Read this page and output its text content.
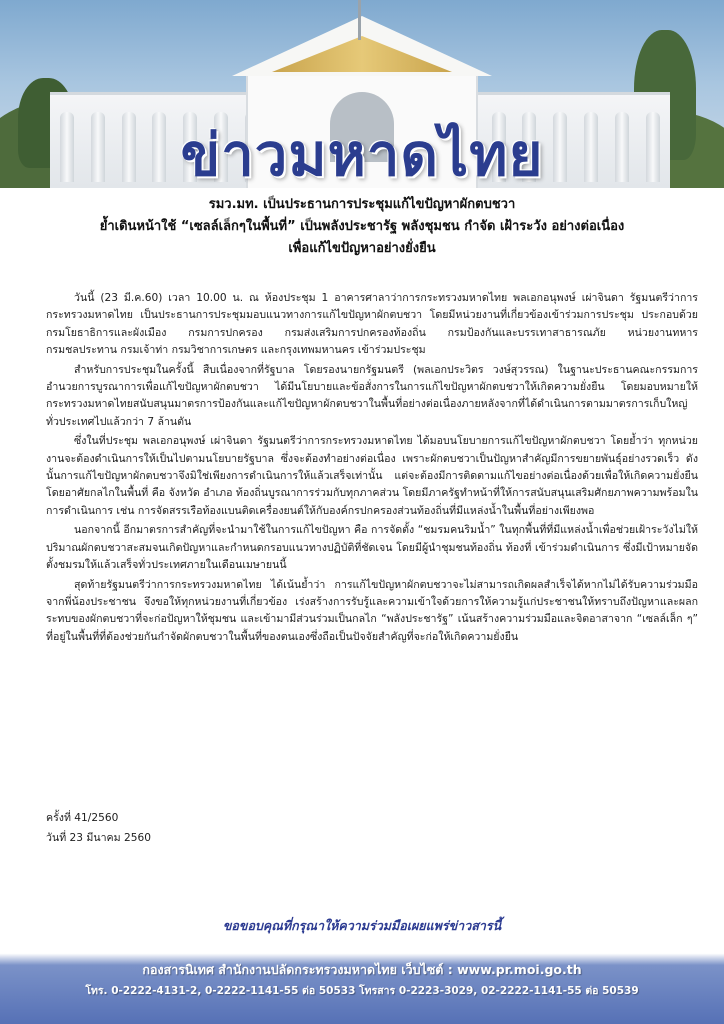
ข่าวมหาดไทย
รมว.มท. เป็นประธานการประชุมแก้ไขปัญหาผักตบชวา
ย้ำเดินหน้าใช้ “เซลล์เล็กๆในพื้นที่” เป็นพลังประชารัฐ พลังชุมชน กำจัด เฝ้าระวัง อย่างต่อเนื่อง
เพื่อแก้ไขปัญหาอย่างยั่งยืน

วันนี้ (23 มี.ค.60) เวลา 10.00 น. ณ ห้องประชุม 1 อาคารศาลาว่าการกระทรวงมหาดไทย พลเอกอนุพงษ์ เผ่าจินดา รัฐมนตรีว่าการกระทรวงมหาดไทย เป็นประธานการประชุมมอบแนวทางการแก้ไขปัญหาผักตบชวา โดยมีหน่วยงานที่เกี่ยวข้องเข้าร่วมการประชุม ประกอบด้วย กรมโยธาธิการและผังเมือง กรมการปกครอง กรมส่งเสริมการปกครองท้องถิ่น กรมป้องกันและบรรเทาสาธารณภัย หน่วยงานทหาร กรมชลประทาน กรมเจ้าท่า กรมวิชาการเกษตร และกรุงเทพมหานคร เข้าร่วมประชุม

สำหรับการประชุมในครั้งนี้ สืบเนื่องจากที่รัฐบาล โดยรองนายกรัฐมนตรี (พลเอกประวิตร วงษ์สุวรรณ) ในฐานะประธานคณะกรรมการอำนวยการบูรณาการเพื่อแก้ไขปัญหาผักตบชวา ได้มีนโยบายและข้อสั่งการในการแก้ไขปัญหาผักตบชวาให้เกิดความยั่งยืน โดยมอบหมายให้กระทรวงมหาดไทยสนับสนุนมาตรการป้องกันและแก้ไขปัญหาผักตบชวาในพื้นที่อย่างต่อเนื่องภายหลังจากที่ได้ดำเนินการตามมาตรการเก็บใหญ่ทั่วประเทศไปแล้วกว่า 7 ล้านตัน

ซึ่งในที่ประชุม พลเอกอนุพงษ์ เผ่าจินดา รัฐมนตรีว่าการกระทรวงมหาดไทย ได้มอบนโยบายการแก้ไขปัญหาผักตบชวา โดยย้ำว่า ทุกหน่วยงานจะต้องดำเนินการให้เป็นไปตามนโยบายรัฐบาล ซึ่งจะต้องทำอย่างต่อเนื่อง เพราะผักตบชวาเป็นปัญหาสำคัญมีการขยายพันธุ์อย่างรวดเร็ว ดังนั้นการแก้ไขปัญหาผักตบชวาจึงมิใช่เพียงการดำเนินการให้แล้วเสร็จเท่านั้น แต่จะต้องมีการติดตามแก้ไขอย่างต่อเนื่องด้วยเพื่อให้เกิดความยั่งยืน โดยอาศัยกลไกในพื้นที่ คือ จังหวัด อำเภอ ท้องถิ่นบูรณาการร่วมกับทุกภาคส่วน โดยมีภาครัฐทำหน้าที่ให้การสนับสนุนเสริมศักยภาพความพร้อมในการดำเนินการ เช่น การจัดสรรเรือท้องแบนติดเครื่องยนต์ให้กับองค์กรปกครองส่วนท้องถิ่นที่มีแหล่งน้ำในพื้นที่อย่างเพียงพอ

นอกจากนี้ อีกมาตรการสำคัญที่จะนำมาใช้ในการแก้ไขปัญหา คือ การจัดตั้ง “ชมรมคนริมน้ำ” ในทุกพื้นที่ที่มีแหล่งน้ำเพื่อช่วยเฝ้าระวังไม่ให้ปริมาณผักตบชวาสะสมจนเกิดปัญหาและกำหนดกรอบแนวทางปฏิบัติที่ชัดเจน โดยมีผู้นำชุมชนท้องถิ่น ท้องที่ เข้าร่วมดำเนินการ ซึ่งมีเป้าหมายจัดตั้งชมรมให้แล้วเสร็จทั่วประเทศภายในเดือนเมษายนนี้

สุดท้ายรัฐมนตรีว่าการกระทรวงมหาดไทย ได้เน้นย้ำว่า การแก้ไขปัญหาผักตบชวาจะไม่สามารถเกิดผลสำเร็จได้หากไม่ได้รับความร่วมมือจากพี่น้องประชาชน จึงขอให้ทุกหน่วยงานที่เกี่ยวข้อง เร่งสร้างการรับรู้และความเข้าใจด้วยการให้ความรู้แก่ประชาชนให้ทราบถึงปัญหาและผลกระทบของผักตบชวาที่จะก่อปัญหาให้ชุมชน และเข้ามามีส่วนร่วมเป็นกลไก “พลังประชารัฐ” เน้นสร้างความร่วมมือและจิตอาสาจาก “เซลล์เล็ก ๆ” ที่อยู่ในพื้นที่ที่ต้องช่วยกันกำจัดผักตบชวาในพื้นที่ของตนเองซึ่งถือเป็นปัจจัยสำคัญที่จะก่อให้เกิดความยั่งยืน

ครั้งที่ 41/2560
วันที่ 23 มีนาคม 2560
ขอขอบคุณที่กรุณาให้ความร่วมมือเผยแพร่ข่าวสารนี้
กองสารนิเทศ สำนักงานปลัดกระทรวงมหาดไทย เว็บไซต์ : www.pr.moi.go.th
โทร. 0-2222-4131-2, 0-2222-1141-55 ต่อ 50533 โทรสาร 0-2223-3029, 02-2222-1141-55 ต่อ 50539
